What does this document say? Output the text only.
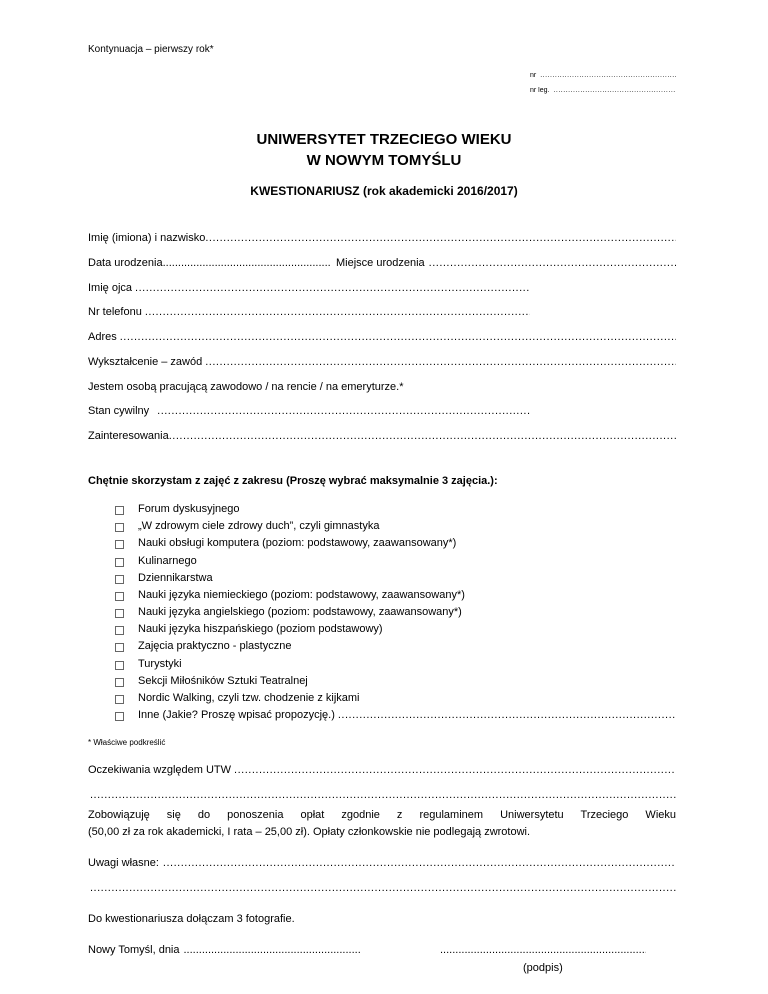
Kontynuacja – pierwszy rok*
nr
.....
nr leg.
.....
UNIWERSYTET TRZECIEGO WIEKU
W NOWYM TOMYŚLU
KWESTIONARIUSZ (rok akademicki 2016/2017)
Imię (imiona) i nazwisko
.....
Data urodzenia
.....	Miejsce urodzenia
.....
Imię ojca
.....
Nr telefonu
.....
Adres
.....
Wykształcenie – zawód
.....
Jestem osobą pracującą zawodowo / na rencie / na emeryturze.*
Stan cywilny
.....
Zainteresowania
.....
Chętnie skorzystam z zajęć z zakresu (Proszę wybrać maksymalnie 3 zajęcia.):
Forum dyskusyjnego
„W zdrowym ciele zdrowy duch”, czyli gimnastyka
Nauki obsługi komputera (poziom: podstawowy, zaawansowany*)
Kulinarnego
Dziennikarstwa
Nauki języka niemieckiego (poziom: podstawowy, zaawansowany*)
Nauki języka angielskiego (poziom: podstawowy, zaawansowany*)
Nauki języka hiszpańskiego (poziom podstawowy)
Zajęcia praktyczno - plastyczne
Turystyki
Sekcji Miłośników Sztuki Teatralnej
Nordic Walking, czyli tzw. chodzenie z kijkami
Inne (Jakie? Proszę wpisać propozycję.)
.....
* Właściwe podkreślić
Oczekiwania względem UTW
.....
.....
Zobowiązuję się do ponoszenia opłat zgodnie z regulaminem Uniwersytetu Trzeciego Wieku
(50,00 zł za rok akademicki, I rata – 25,00 zł). Opłaty członkowskie nie podlegają zwrotowi.
Uwagi własne:
.....
.....
Do kwestionariusza dołączam 3 fotografie.
Nowy Tomyśl, dnia
.....
.....
(podpis)
